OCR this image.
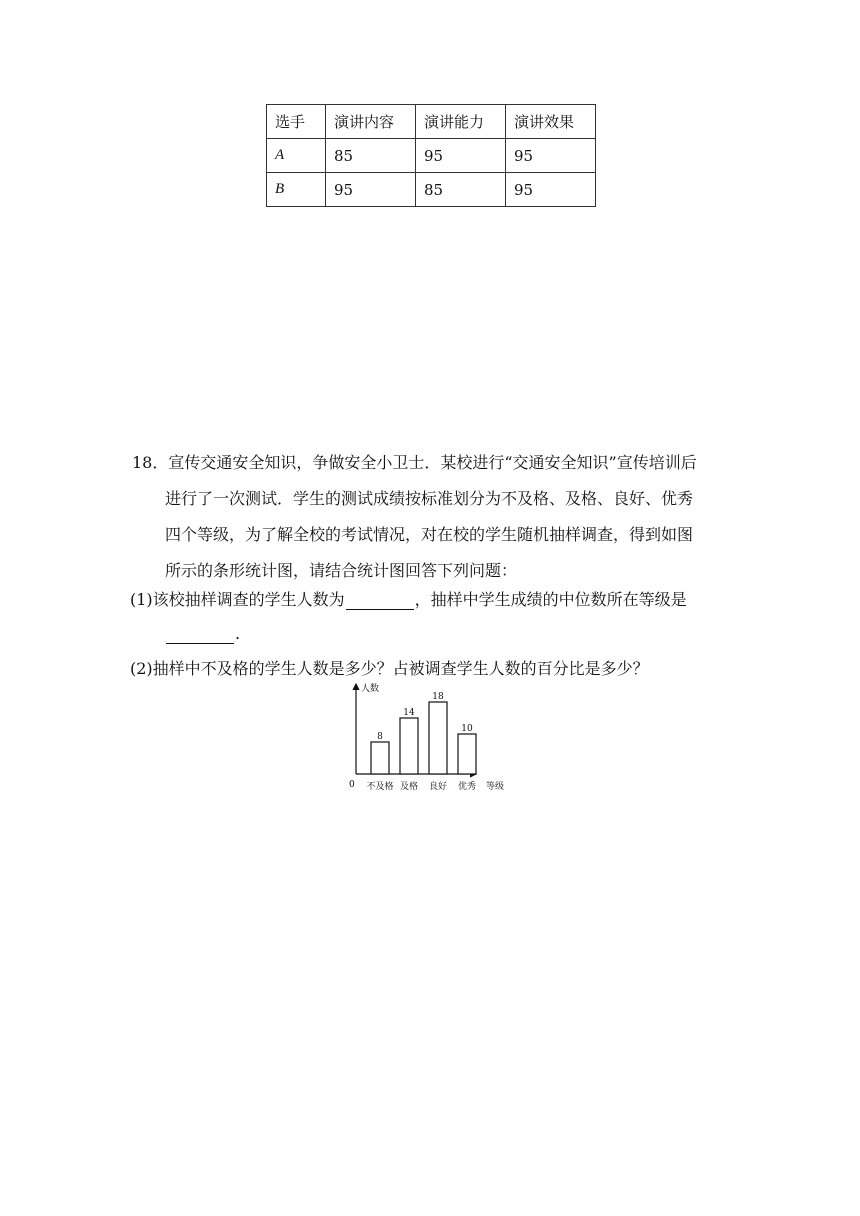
选手	演讲内容	演讲能力	演讲效果
A	85	95	95
B	95	85	95
18．宣传交通安全知识，争做安全小卫士．某校进行“交通安全知识”宣传培训后
进行了一次测试．学生的测试成绩按标准划分为不及格、及格、良好、优秀
四个等级，为了解全校的考试情况，对在校的学生随机抽样调查，得到如图
所示的条形统计图，请结合统计图回答下列问题：
(1)该校抽样调查的学生人数为	，抽样中学生成绩的中位数所在等级是
.
(2)抽样中不及格的学生人数是多少？占被调查学生人数的百分比是多少？
人数
等级
0
8
不及格
14
及格
18
良好
10
优秀
